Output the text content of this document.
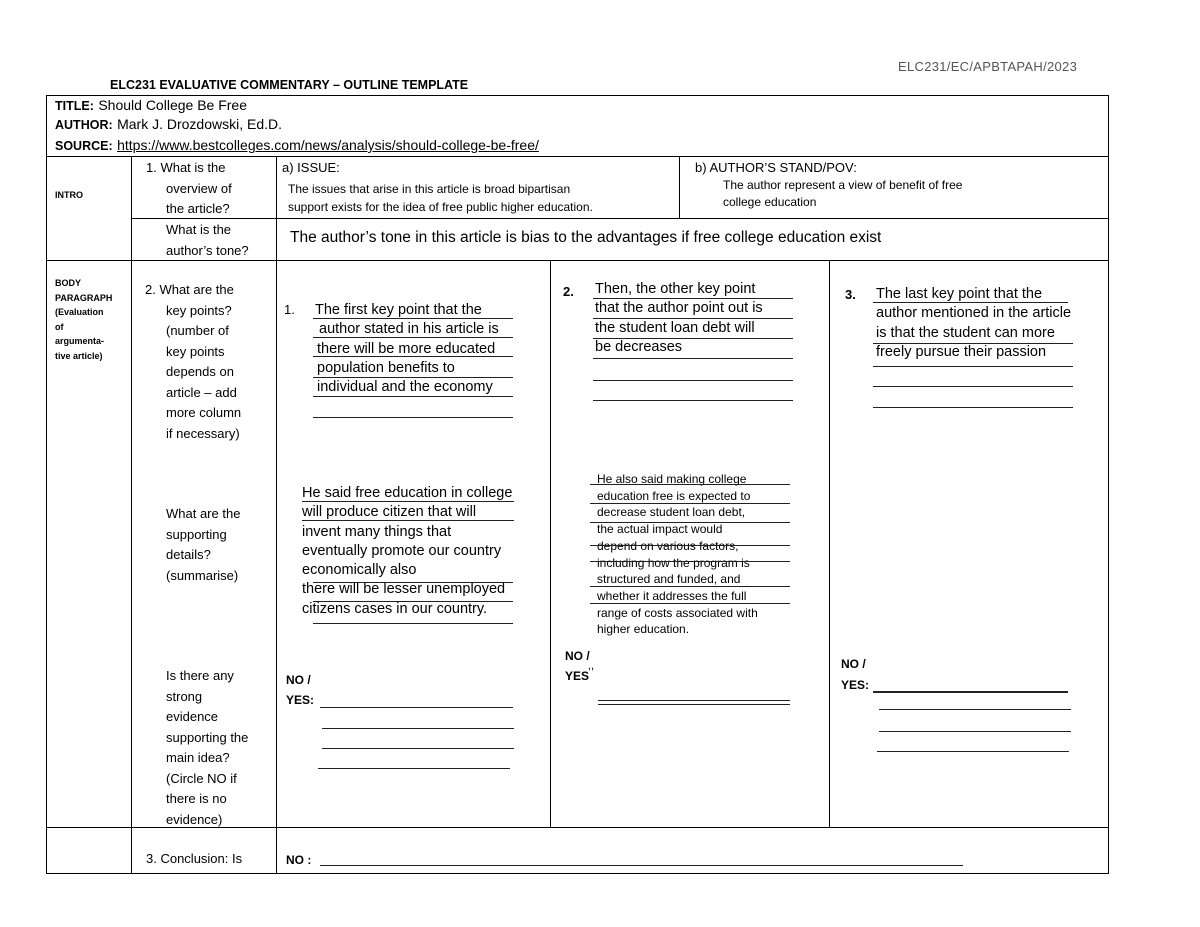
ELC231/EC/APBTAPAH/2023
ELC231 EVALUATIVE COMMENTARY – OUTLINE TEMPLATE
TITLE: Should College Be Free
AUTHOR: Mark J. Drozdowski, Ed.D.
SOURCE: https://www.bestcolleges.com/news/analysis/should-college-be-free/
INTRO
1. What is the
overview of
the article?
a) ISSUE:
The issues that arise in this article is broad bipartisan
support exists for the idea of free public higher education.
b) AUTHOR’S STAND/POV:
The author represent a view of benefit of free
college education
What is the
author’s tone?
The author’s tone in this article is bias to the advantages if free college education exist
BODY
PARAGRAPH
(Evaluation
of
argumenta-
tive article)
2. What are the
key points?
(number of
key points
depends on
article – add
more column
if necessary)
What are the
supporting
details?
(summarise)
Is there any
strong
evidence
supporting the
main idea?
(Circle NO if
there is no
evidence)
1. The first key point that the
author stated in his article is
there will be more educated
population benefits to
individual and the economy
He said free education in college
will produce citizen that will
invent many things that
eventually promote our country
economically also
there will be lesser unemployed
citizens cases in our country.
NO /
YES:
2. Then, the other key point
that the author point out is
the student loan debt will
be decreases
He also said making college
education free is expected to
decrease student loan debt,
the actual impact would
depend on various factors,
including how the program is
structured and funded, and
whether it addresses the full
range of costs associated with
higher education.
NO /
,,
YES
3. The last key point that the
author mentioned in the article
is that the student can more
freely pursue their passion
NO /
YES:
3. Conclusion: Is	NO :
